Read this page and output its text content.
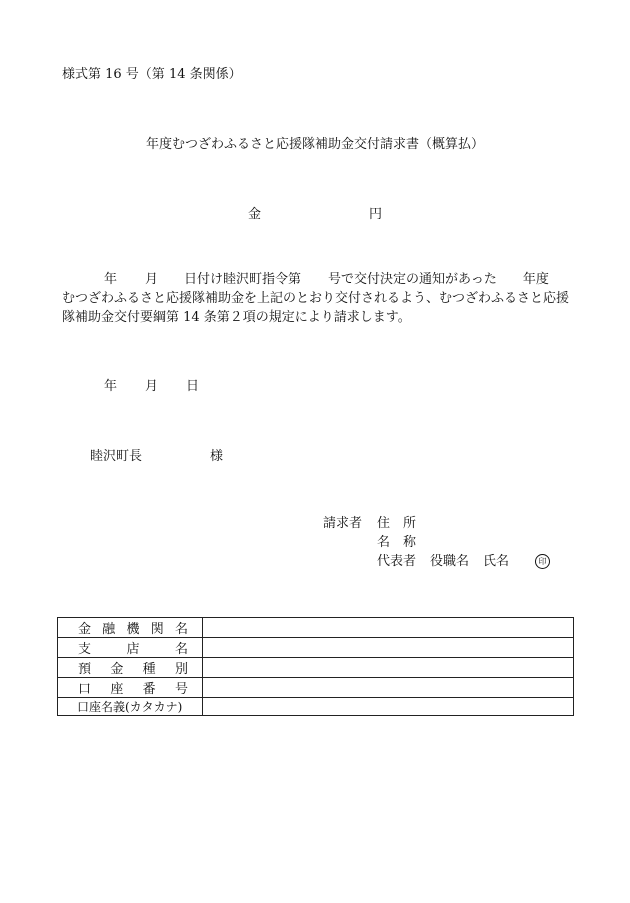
様式第 16 号（第 14 条関係）
年度むつざわふるさと応援隊補助金交付請求書（概算払）
金	円
年 月 日付け睦沢町指令第 号で交付決定の通知があった 年度
むつざわふるさと応援隊補助金を上記のとおり交付されるよう、むつざわふるさと応援隊補助金交付要綱第 14 条第２項の規定により請求します。
年 月 日
睦沢町長	様
請求者 住　 所
名　 称
代表者 役職名 氏名	印
金融機関名	
支店名	
預金種別	
口座番号	
口座名義(カタカナ)	
